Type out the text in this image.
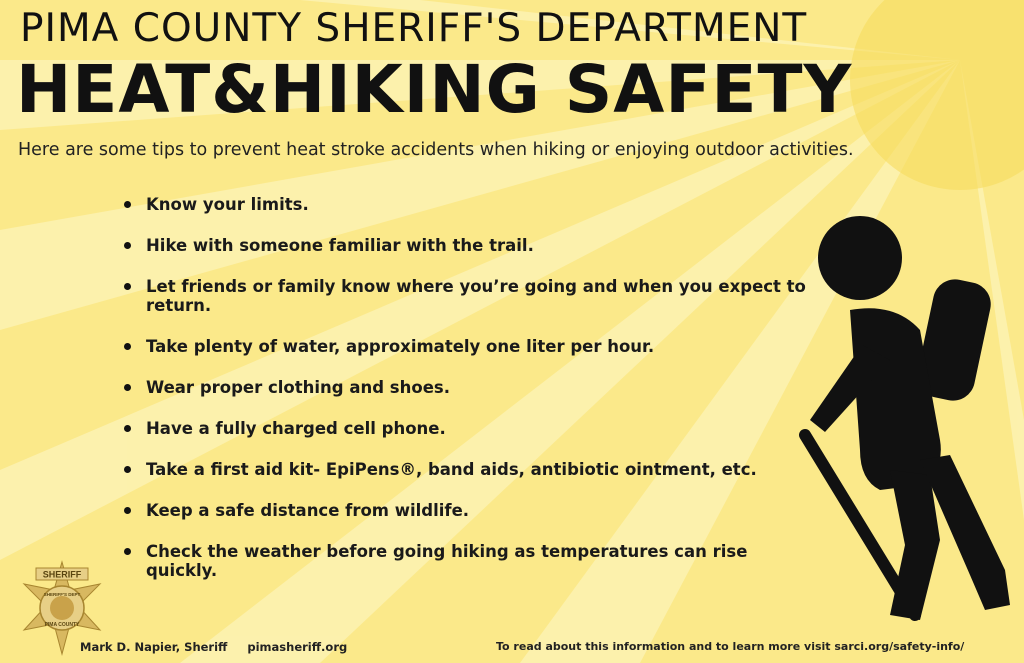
PIMA COUNTY SHERIFF'S DEPARTMENT
HEAT&HIKING SAFETY
Here are some tips to prevent heat stroke accidents when hiking or enjoying outdoor activities.
Know your limits.
Hike with someone familiar with the trail.
Let friends or family know where you’re going and when you expect to return.
Take plenty of water, approximately one liter per hour.
Wear proper clothing and shoes.
Have a fully charged cell phone.
Take a first aid kit- EpiPens®, band aids, antibiotic ointment, etc.
Keep a safe distance from wildlife.
Check the weather before going hiking as temperatures can rise quickly.
SHERIFF
SHERIFF'S DEPT
PIMA COUNTY
Mark D. Napier, Sheriff pimasheriff.org	To read about this information and to learn more visit sarci.org/safety-info/
